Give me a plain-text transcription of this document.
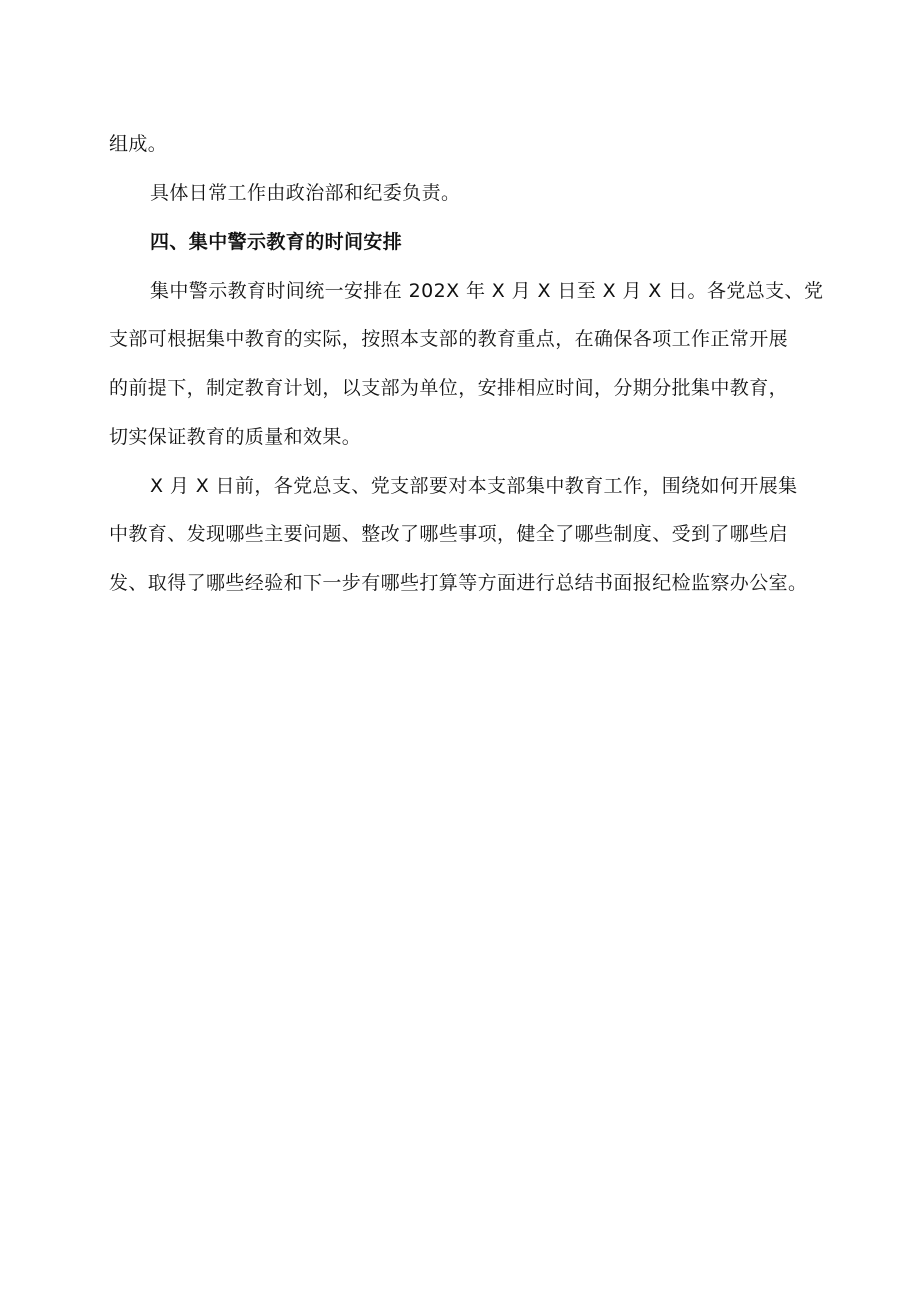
组成。
具体日常工作由政治部和纪委负责。
四、集中警示教育的时间安排
集中警示教育时间统一安排在 202X 年 X 月 X 日至 X 月 X 日。各党总支、党
支部可根据集中教育的实际，按照本支部的教育重点，在确保各项工作正常开展
的前提下，制定教育计划，以支部为单位，安排相应时间，分期分批集中教育，
切实保证教育的质量和效果。
X 月 X 日前，各党总支、党支部要对本支部集中教育工作，围绕如何开展集
中教育、发现哪些主要问题、整改了哪些事项，健全了哪些制度、受到了哪些启
发、取得了哪些经验和下一步有哪些打算等方面进行总结书面报纪检监察办公室。
